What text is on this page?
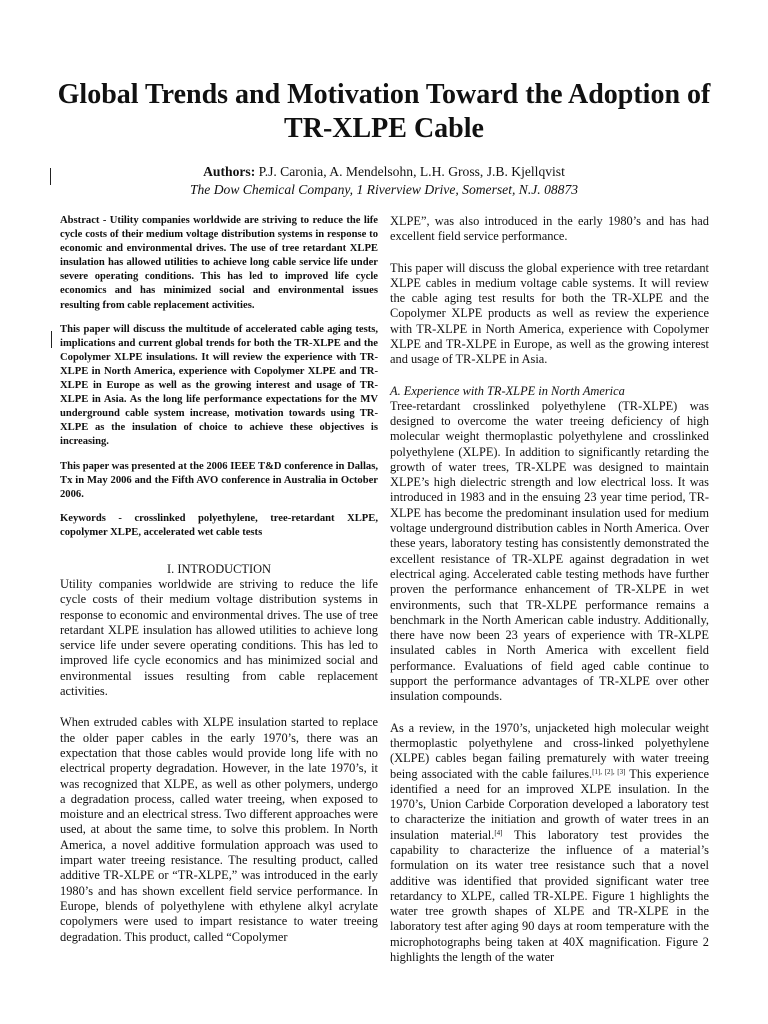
Global Trends and Motivation Toward the Adoption of TR-XLPE Cable
Authors: P.J. Caronia, A. Mendelsohn, L.H. Gross, J.B. Kjellqvist
The Dow Chemical Company, 1 Riverview Drive, Somerset, N.J. 08873

Abstract - Utility companies worldwide are striving to reduce the life cycle costs of their medium voltage distribution systems in response to economic and environmental drives. The use of tree retardant XLPE insulation has allowed utilities to achieve long cable service life under severe operating conditions. This has led to improved life cycle economics and has minimized social and environmental issues resulting from cable replacement activities.

This paper will discuss the multitude of accelerated cable aging tests, implications and current global trends for both the TR-XLPE and the Copolymer XLPE insulations. It will review the experience with TR-XLPE in North America, experience with Copolymer XLPE and TR-XLPE in Europe as well as the growing interest and usage of TR-XLPE in Asia. As the long life performance expectations for the MV underground cable system increase, motivation towards using TR-XLPE as the insulation of choice to achieve these objectives is increasing.

This paper was presented at the 2006 IEEE T&D conference in Dallas, Tx in May 2006 and the Fifth AVO conference in Australia in October 2006.

Keywords - crosslinked polyethylene, tree-retardant XLPE, copolymer XLPE, accelerated wet cable tests

I. INTRODUCTION

Utility companies worldwide are striving to reduce the life cycle costs of their medium voltage distribution systems in response to economic and environmental drives. The use of tree retardant XLPE insulation has allowed utilities to achieve long service life under severe operating conditions. This has led to improved life cycle economics and has minimized social and environmental issues resulting from cable replacement activities.

When extruded cables with XLPE insulation started to replace the older paper cables in the early 1970’s, there was an expectation that those cables would provide long life with no electrical property degradation. However, in the late 1970’s, it was recognized that XLPE, as well as other polymers, undergo a degradation process, called water treeing, when exposed to moisture and an electrical stress. Two different approaches were used, at about the same time, to solve this problem. In North America, a novel additive formulation approach was used to impart water treeing resistance. The resulting product, called additive TR-XLPE or “TR-XLPE,” was introduced in the early 1980’s and has shown excellent field service performance. In Europe, blends of polyethylene with ethylene alkyl acrylate copolymers were used to impart resistance to water treeing degradation. This product, called “Copolymer

XLPE”, was also introduced in the early 1980’s and has had excellent field service performance.

This paper will discuss the global experience with tree retardant XLPE cables in medium voltage cable systems. It will review the cable aging test results for both the TR-XLPE and the Copolymer XLPE products as well as review the experience with TR-XLPE in North America, experience with Copolymer XLPE and TR-XLPE in Europe, as well as the growing interest and usage of TR-XLPE in Asia.

A. Experience with TR-XLPE in North America

Tree-retardant crosslinked polyethylene (TR-XLPE) was designed to overcome the water treeing deficiency of high molecular weight thermoplastic polyethylene and crosslinked polyethylene (XLPE). In addition to significantly retarding the growth of water trees, TR-XLPE was designed to maintain XLPE’s high dielectric strength and low electrical loss. It was introduced in 1983 and in the ensuing 23 year time period, TR-XLPE has become the predominant insulation used for medium voltage underground distribution cables in North America. Over these years, laboratory testing has consistently demonstrated the excellent resistance of TR-XLPE against degradation in wet electrical aging. Accelerated cable testing methods have further proven the performance enhancement of TR-XLPE in wet environments, such that TR-XLPE performance remains a benchmark in the North American cable industry. Additionally, there have now been 23 years of experience with TR-XLPE insulated cables in North America with excellent field performance. Evaluations of field aged cable continue to support the performance advantages of TR-XLPE over other insulation compounds.

As a review, in the 1970’s, unjacketed high molecular weight thermoplastic polyethylene and cross-linked polyethylene (XLPE) cables began failing prematurely with water treeing being associated with the cable failures.[1], [2], [3] This experience identified a need for an improved XLPE insulation. In the 1970’s, Union Carbide Corporation developed a laboratory test to characterize the initiation and growth of water trees in an insulation material.[4] This laboratory test provides the capability to characterize the influence of a material’s formulation on its water tree resistance such that a novel additive was identified that provided significant water tree retardancy to XLPE, called TR-XLPE. Figure 1 highlights the water tree growth shapes of XLPE and TR-XLPE in the laboratory test after aging 90 days at room temperature with the microphotographs being taken at 40X magnification. Figure 2 highlights the length of the water
